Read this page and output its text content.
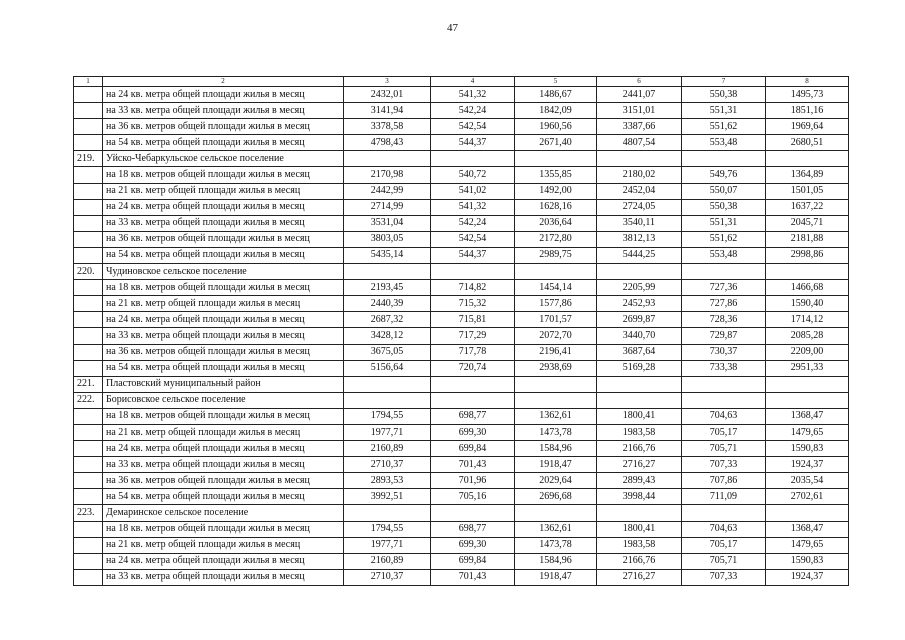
47
1	2	3	4	5	6	7	8
	на 24 кв. метра общей площади жилья в месяц	2432,01	541,32	1486,67	2441,07	550,38	1495,73
	на 33 кв. метра общей площади жилья в месяц	3141,94	542,24	1842,09	3151,01	551,31	1851,16
	на 36 кв. метров общей площади жилья в месяц	3378,58	542,54	1960,56	3387,66	551,62	1969,64
	на 54 кв. метра общей площади жилья в месяц	4798,43	544,37	2671,40	4807,54	553,48	2680,51
219.	Уйско-Чебаркульское сельское поселение						
	на 18 кв. метров общей площади жилья в месяц	2170,98	540,72	1355,85	2180,02	549,76	1364,89
	на 21 кв. метр общей площади жилья в месяц	2442,99	541,02	1492,00	2452,04	550,07	1501,05
	на 24 кв. метра общей площади жилья в месяц	2714,99	541,32	1628,16	2724,05	550,38	1637,22
	на 33 кв. метра общей площади жилья в месяц	3531,04	542,24	2036,64	3540,11	551,31	2045,71
	на 36 кв. метров общей площади жилья в месяц	3803,05	542,54	2172,80	3812,13	551,62	2181,88
	на 54 кв. метра общей площади жилья в месяц	5435,14	544,37	2989,75	5444,25	553,48	2998,86
220.	Чудиновское сельское поселение						
	на 18 кв. метров общей площади жилья в месяц	2193,45	714,82	1454,14	2205,99	727,36	1466,68
	на 21 кв. метр общей площади жилья в месяц	2440,39	715,32	1577,86	2452,93	727,86	1590,40
	на 24 кв. метра общей площади жилья в месяц	2687,32	715,81	1701,57	2699,87	728,36	1714,12
	на 33 кв. метра общей площади жилья в месяц	3428,12	717,29	2072,70	3440,70	729,87	2085,28
	на 36 кв. метров общей площади жилья в месяц	3675,05	717,78	2196,41	3687,64	730,37	2209,00
	на 54 кв. метра общей площади жилья в месяц	5156,64	720,74	2938,69	5169,28	733,38	2951,33
221.	Пластовский муниципальный район						
222.	Борисовское сельское поселение						
	на 18 кв. метров общей площади жилья в месяц	1794,55	698,77	1362,61	1800,41	704,63	1368,47
	на 21 кв. метр общей площади жилья в месяц	1977,71	699,30	1473,78	1983,58	705,17	1479,65
	на 24 кв. метра общей площади жилья в месяц	2160,89	699,84	1584,96	2166,76	705,71	1590,83
	на 33 кв. метра общей площади жилья в месяц	2710,37	701,43	1918,47	2716,27	707,33	1924,37
	на 36 кв. метров общей площади жилья в месяц	2893,53	701,96	2029,64	2899,43	707,86	2035,54
	на 54 кв. метра общей площади жилья в месяц	3992,51	705,16	2696,68	3998,44	711,09	2702,61
223.	Демаринское сельское поселение						
	на 18 кв. метров общей площади жилья в месяц	1794,55	698,77	1362,61	1800,41	704,63	1368,47
	на 21 кв. метр общей площади жилья в месяц	1977,71	699,30	1473,78	1983,58	705,17	1479,65
	на 24 кв. метра общей площади жилья в месяц	2160,89	699,84	1584,96	2166,76	705,71	1590,83
	на 33 кв. метра общей площади жилья в месяц	2710,37	701,43	1918,47	2716,27	707,33	1924,37
